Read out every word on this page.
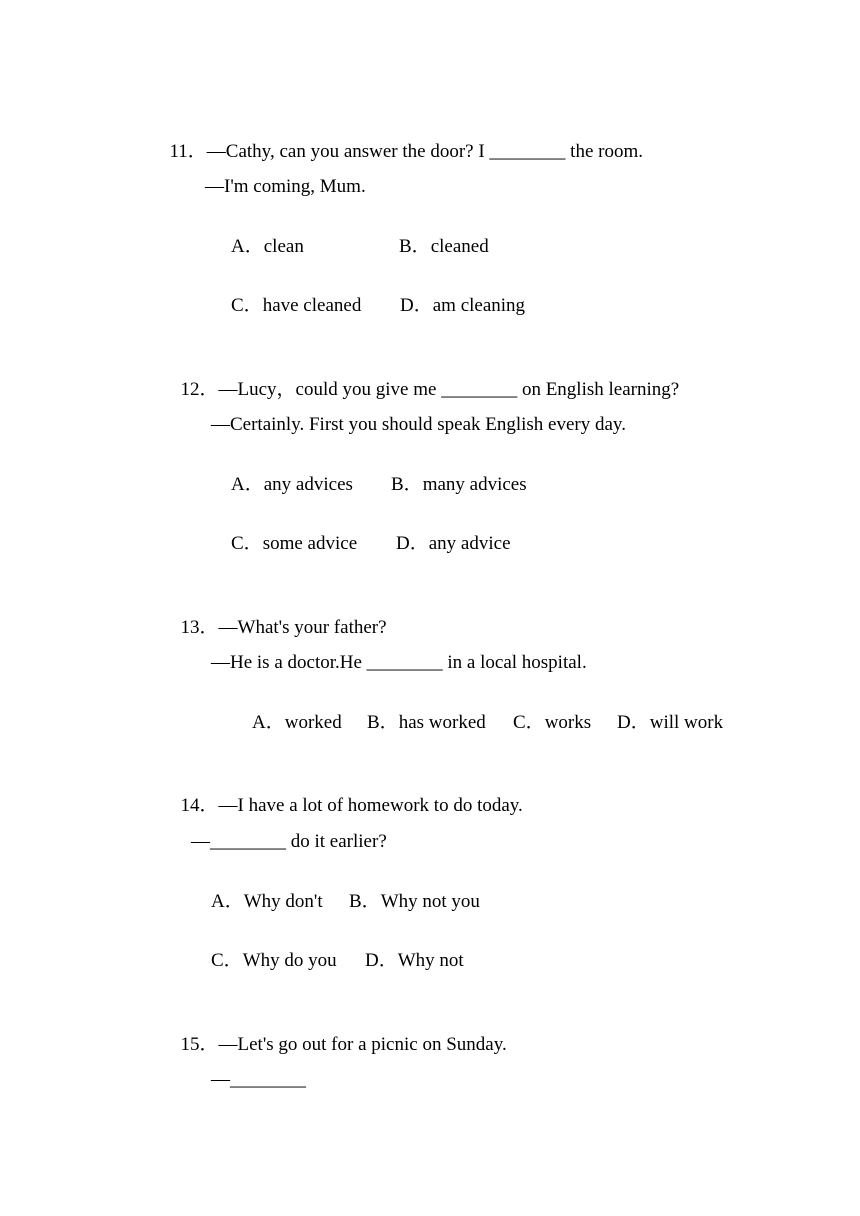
11．—Cathy, can you answer the door? I ________ the room.

—I'm coming, Mum.
A．clean	B．cleaned
C．have cleaned D．am cleaning

12．—Lucy，could you give me ________ on English learning?

—Certainly. First you should speak English every day.
A．any advices B．many advices
C．some advice D．any advice

13．—What's your father?

—He is a doctor.He ________ in a local hospital.
A．worked B．has worked C．works D．will work

14．—I have a lot of homework to do today.

—________ do it earlier?
A．Why don't B．Why not you
C．Why do you D．Why not

15．—Let's go out for a picnic on Sunday.

—________
